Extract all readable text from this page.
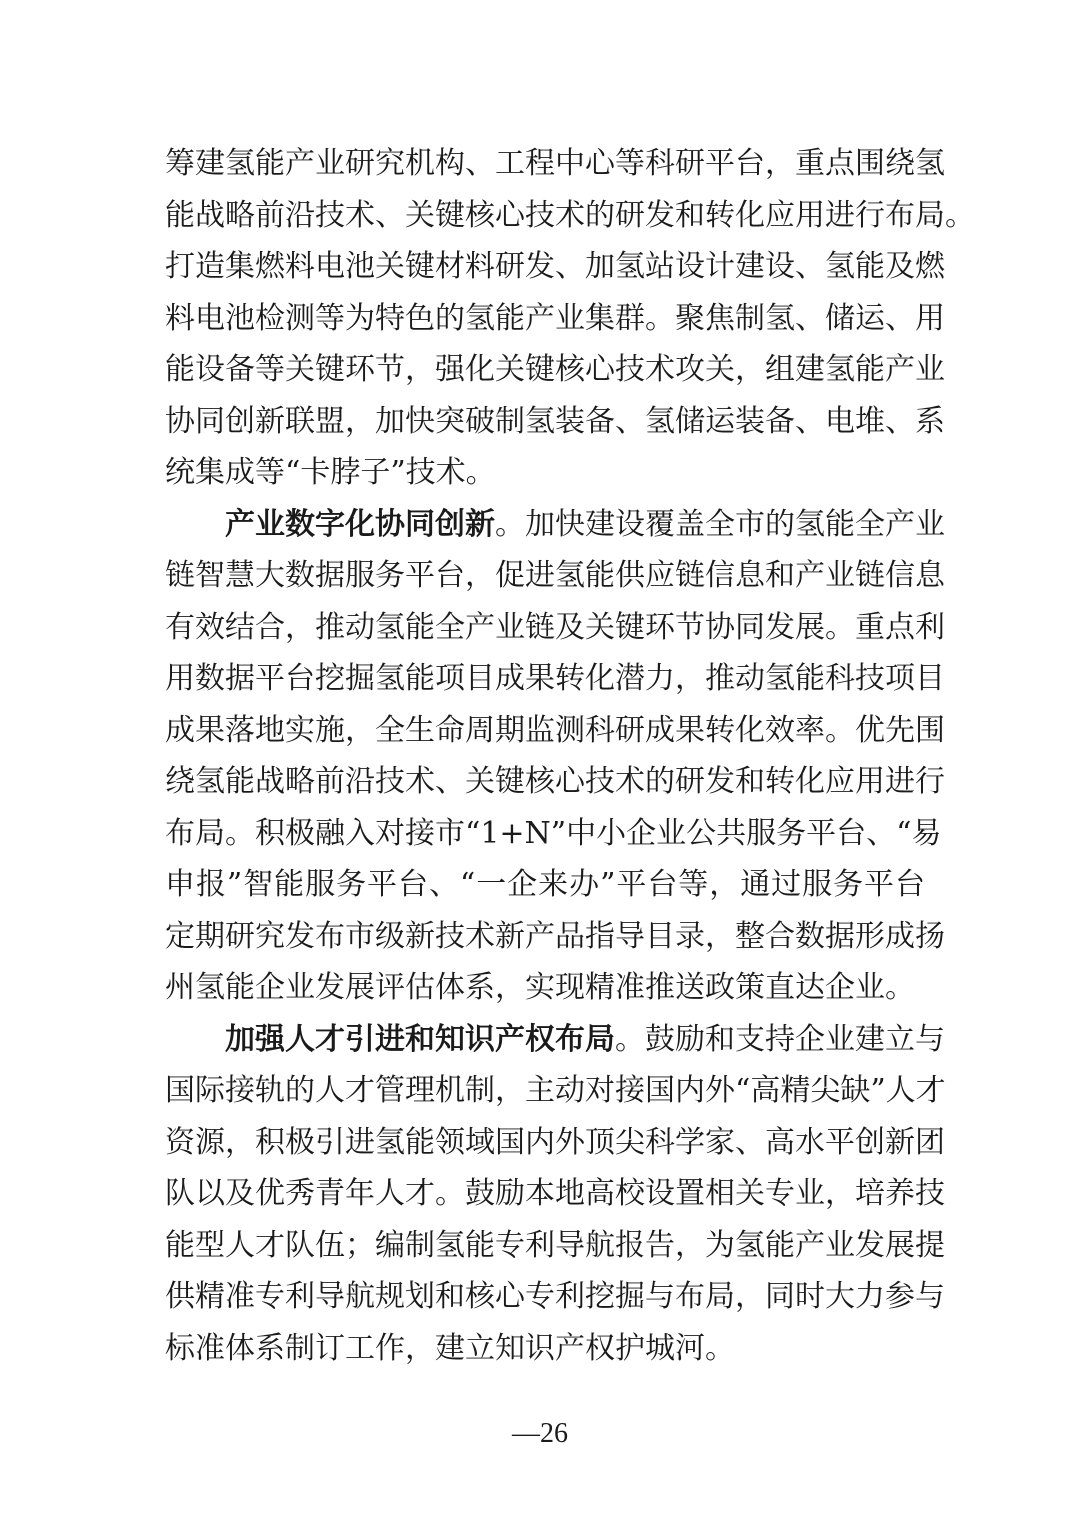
筹建氢能产业研究机构、工程中心等科研平台，重点围绕氢
能战略前沿技术、关键核心技术的研发和转化应用进行布局。
打造集燃料电池关键材料研发、加氢站设计建设、氢能及燃
料电池检测等为特色的氢能产业集群。聚焦制氢、储运、用
能设备等关键环节，强化关键核心技术攻关，组建氢能产业
协同创新联盟，加快突破制氢装备、氢储运装备、电堆、系
统集成等“卡脖子”技术。
产业数字化协同创新。加快建设覆盖全市的氢能全产业
链智慧大数据服务平台，促进氢能供应链信息和产业链信息
有效结合，推动氢能全产业链及关键环节协同发展。重点利
用数据平台挖掘氢能项目成果转化潜力，推动氢能科技项目
成果落地实施，全生命周期监测科研成果转化效率。优先围
绕氢能战略前沿技术、关键核心技术的研发和转化应用进行
布局。积极融入对接市“1+N”中小企业公共服务平台、“易
申报”智能服务平台、“一企来办”平台等，通过服务平台
定期研究发布市级新技术新产品指导目录，整合数据形成扬
州氢能企业发展评估体系，实现精准推送政策直达企业。
加强人才引进和知识产权布局。鼓励和支持企业建立与
国际接轨的人才管理机制，主动对接国内外“高精尖缺”人才
资源，积极引进氢能领域国内外顶尖科学家、高水平创新团
队以及优秀青年人才。鼓励本地高校设置相关专业，培养技
能型人才队伍；编制氢能专利导航报告，为氢能产业发展提
供精准专利导航规划和核心专利挖掘与布局，同时大力参与
标准体系制订工作，建立知识产权护城河。
—26
